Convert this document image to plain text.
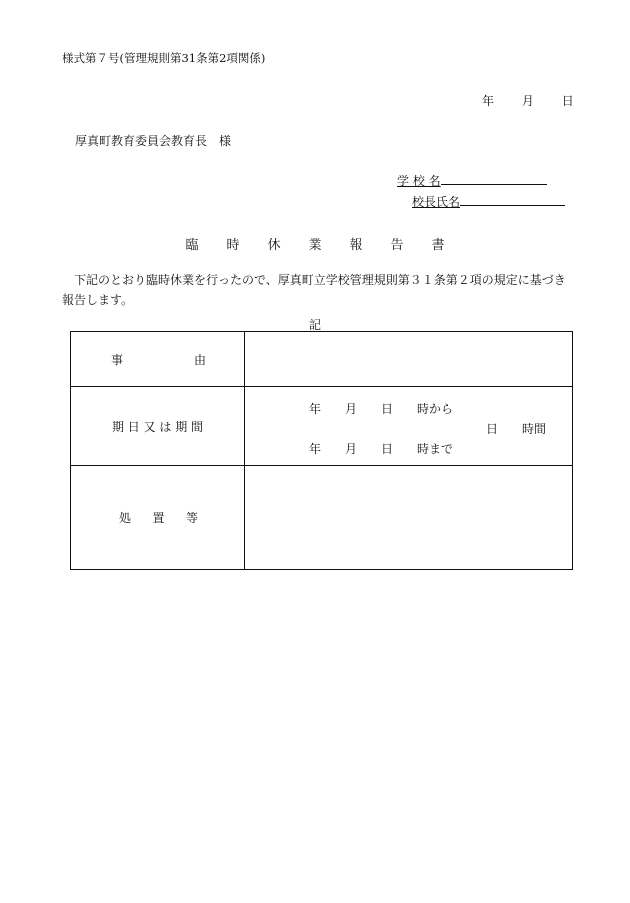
様式第７号(管理規則第31条第2項関係)
年 月 日
厚真町教育委員会教育長　様
学 校 名
校長氏名
臨 時 休 業 報 告 書
下記のとおり臨時休業を行ったので、厚真町立学校管理規則第３１条第２項の規定に基づき報告します。
記
事 由	

期 日 又 は 期 間	年 月 日 時から
日 時間
年 月 日 時まで

処 置 等	
